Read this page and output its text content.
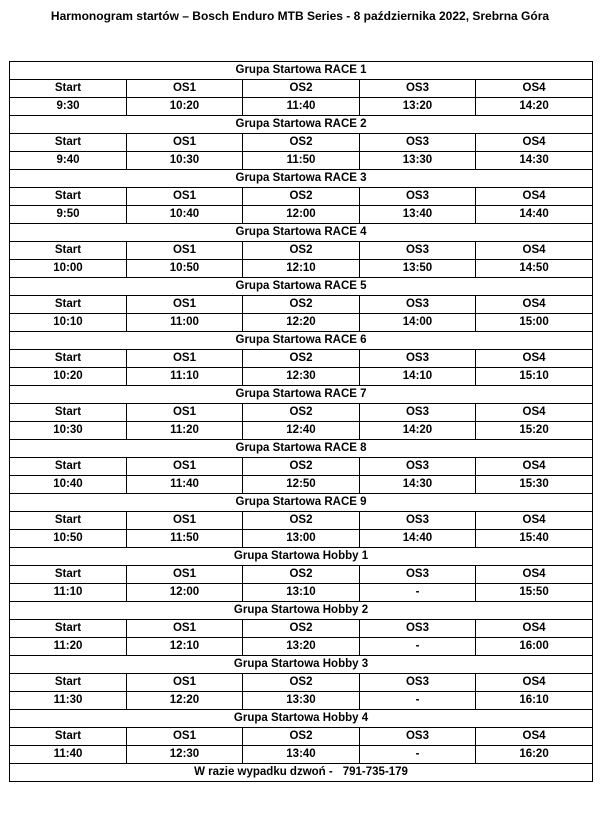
Harmonogram startów – Bosch Enduro MTB Series - 8 października 2022, Srebrna Góra
Grupa Startowa RACE 1				
Start	OS1	OS2	OS3	OS4
9:30	10:20	11:40	13:20	14:20
Grupa Startowa RACE 2				
Start	OS1	OS2	OS3	OS4
9:40	10:30	11:50	13:30	14:30
Grupa Startowa RACE 3				
Start	OS1	OS2	OS3	OS4
9:50	10:40	12:00	13:40	14:40
Grupa Startowa RACE 4				
Start	OS1	OS2	OS3	OS4
10:00	10:50	12:10	13:50	14:50
Grupa Startowa RACE 5				
Start	OS1	OS2	OS3	OS4
10:10	11:00	12:20	14:00	15:00
Grupa Startowa RACE 6				
Start	OS1	OS2	OS3	OS4
10:20	11:10	12:30	14:10	15:10
Grupa Startowa RACE 7				
Start	OS1	OS2	OS3	OS4
10:30	11:20	12:40	14:20	15:20
Grupa Startowa RACE 8				
Start	OS1	OS2	OS3	OS4
10:40	11:40	12:50	14:30	15:30
Grupa Startowa RACE 9				
Start	OS1	OS2	OS3	OS4
10:50	11:50	13:00	14:40	15:40
Grupa Startowa Hobby 1				
Start	OS1	OS2	OS3	OS4
11:10	12:00	13:10	-	15:50
Grupa Startowa Hobby 2				
Start	OS1	OS2	OS3	OS4
11:20	12:10	13:20	-	16:00
Grupa Startowa Hobby 3				
Start	OS1	OS2	OS3	OS4
11:30	12:20	13:30	-	16:10
Grupa Startowa Hobby 4				
Start	OS1	OS2	OS3	OS4
11:40	12:30	13:40	-	16:20
W razie wypadku dzwoń - 791-735-179				
